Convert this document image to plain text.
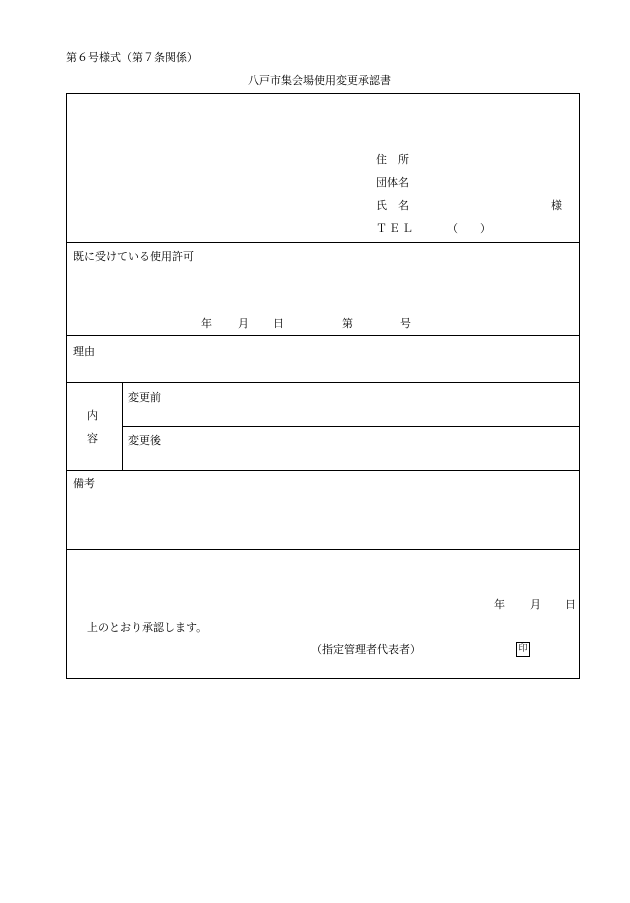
第６号様式（第７条関係）
八戸市集会場使用変更承認書
住　所
団体名
氏　名	様
ＴＥＬ	（　　）
既に受けている使用許可
年 月 日	第	号
理由
内
容
変更前
変更後
備考
年 月 日
上のとおり承認します。
（指定管理者代表者）	印
